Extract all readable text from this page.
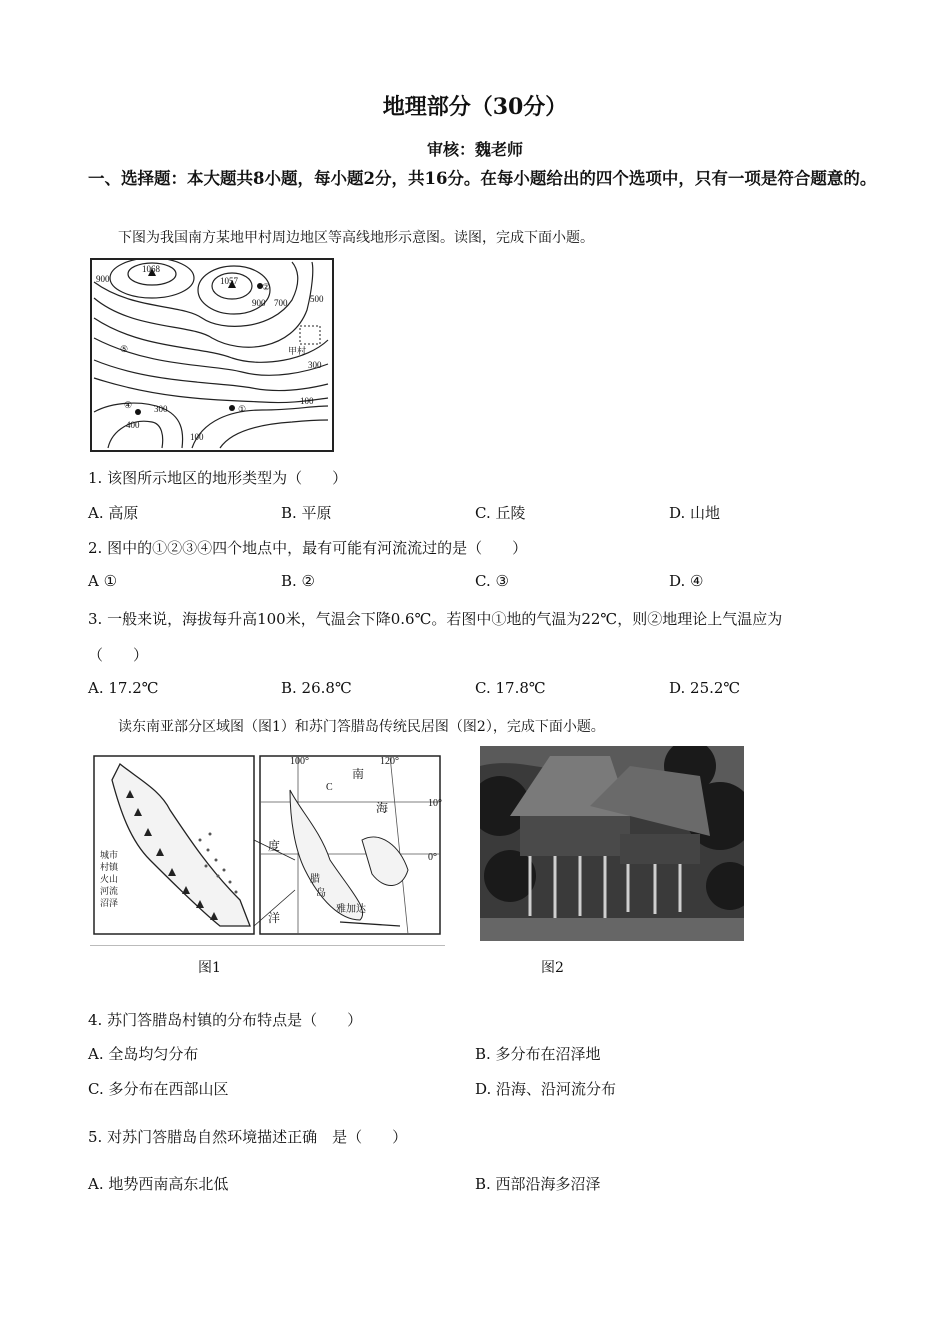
地理部分（30分）
审核：魏老师
一、选择题：本大题共8小题，每小题2分，共16分。在每小题给出的四个选项中，只有一项是符合题意的。
下图为我国南方某地甲村周边地区等高线地形示意图。读图，完成下面小题。
1068
1057
900
900 700	500
300
300
100
100
400
甲村
②
①
④
⑤
1. 该图所示地区的地形类型为（　　）
A. 高原	B. 平原	C. 丘陵	D. 山地
2. 图中的①②③④四个地点中，最有可能有河流流过的是（　　）
A ①	B. ②	C. ③	D. ④
3. 一般来说，海拔每升高100米，气温会下降0.6℃。若图中①地的气温为22℃，则②地理论上气温应为
（　　）
A. 17.2℃	B. 26.8℃	C. 17.8℃	D. 25.2℃
读东南亚部分区域图（图1）和苏门答腊岛传统民居图（图2），完成下面小题。
城市
村镇
火山
河流
沼泽
100°	120°
10°
0°
C
南
海
度
洋
腊
岛
雅加达
图1	图2
4. 苏门答腊岛村镇的分布特点是（　　）
A. 全岛均匀分布	B. 多分布在沼泽地
C. 多分布在西部山区	D. 沿海、沿河流分布
5. 对苏门答腊岛自然环境描述正确　是（　　）
A. 地势西南高东北低	B. 西部沿海多沼泽
